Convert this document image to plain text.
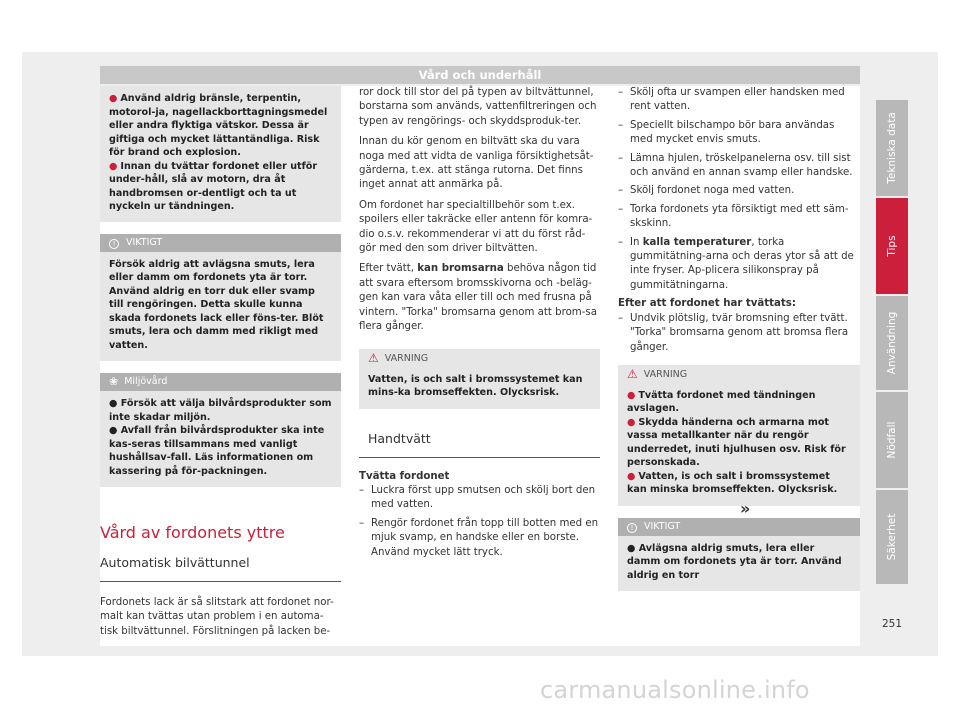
Vård och underhåll
● Använd aldrig bränsle, terpentin, motorol-ja, nagellackborttagningsmedel eller andra flyktiga vätskor. Dessa är giftiga och mycket lättantändliga. Risk för brand och explosion.
● Innan du tvättar fordonet eller utför under-håll, slå av motorn, dra åt handbromsen or-dentligt och ta ut nyckeln ur tändningen.
! VIKTIGT
Försök aldrig att avlägsna smuts, lera eller damm om fordonets yta är torr. Använd aldrig en torr duk eller svamp till rengöringen. Detta skulle kunna skada fordonets lack eller föns-ter. Blöt smuts, lera och damm med rikligt med vatten.
❀ Miljövård
● Försök att välja bilvårdsprodukter som inte skadar miljön.
● Avfall från bilvårdsprodukter ska inte kas-seras tillsammans med vanligt hushållsav-fall. Läs informationen om kassering på för-packningen.
Vård av fordonets yttre
Automatisk bilvättunnel
Fordonets lack är så slitstark att fordonet nor-malt kan tvättas utan problem i en automa-tisk biltvättunnel. Förslitningen på lacken be-
ror dock till stor del på typen av biltvättunnel, borstarna som används, vattenfiltreringen och typen av rengörings- och skyddsproduk-ter.
Innan du kör genom en biltvätt ska du vara noga med att vidta de vanliga försiktighetsåt-gärderna, t.ex. att stänga rutorna. Det finns inget annat att anmärka på.
Om fordonet har specialtillbehör som t.ex. spoilers eller takräcke eller antenn för komra-dio o.s.v. rekommenderar vi att du först råd-gör med den som driver biltvätten.
Efter tvätt, kan bromsarna behöva någon tid att svara eftersom bromsskivorna och -beläg-gen kan vara våta eller till och med frusna på vintern. "Torka" bromsarna genom att brom-sa flera gånger.
⚠ VARNING
Vatten, is och salt i bromssystemet kan mins-ka bromseffekten. Olycksrisk.
Handtvätt
Tvätta fordonet
– Luckra först upp smutsen och skölj bort den med vatten.
– Rengör fordonet från topp till botten med en mjuk svamp, en handske eller en borste. Använd mycket lätt tryck.
– Skölj ofta ur svampen eller handsken med rent vatten.
– Speciellt bilschampo bör bara användas med mycket envis smuts.
– Lämna hjulen, tröskelpanelerna osv. till sist och använd en annan svamp eller handske.
– Skölj fordonet noga med vatten.
– Torka fordonets yta försiktigt med ett säm-skskinn.
– In kalla temperaturer, torka gummitätning-arna och deras ytor så att de inte fryser. Ap-plicera silikonspray på gummitätningarna.
Efter att fordonet har tvättats:
– Undvik plötslig, tvär bromsning efter tvätt. "Torka" bromsarna genom att bromsa flera gånger.
⚠ VARNING
● Tvätta fordonet med tändningen avslagen.
● Skydda händerna och armarna mot vassa metallkanter när du rengör underredet, inuti hjulhusen osv. Risk för personskada.
● Vatten, is och salt i bromssystemet kan minska bromseffekten. Olycksrisk.
! VIKTIGT
● Avlägsna aldrig smuts, lera eller damm om fordonets yta är torr. Använd aldrig en torr
»
Tekniska data
Tips
Användning
Nödfall
Säkerhet
251
carmanualsonline.info
